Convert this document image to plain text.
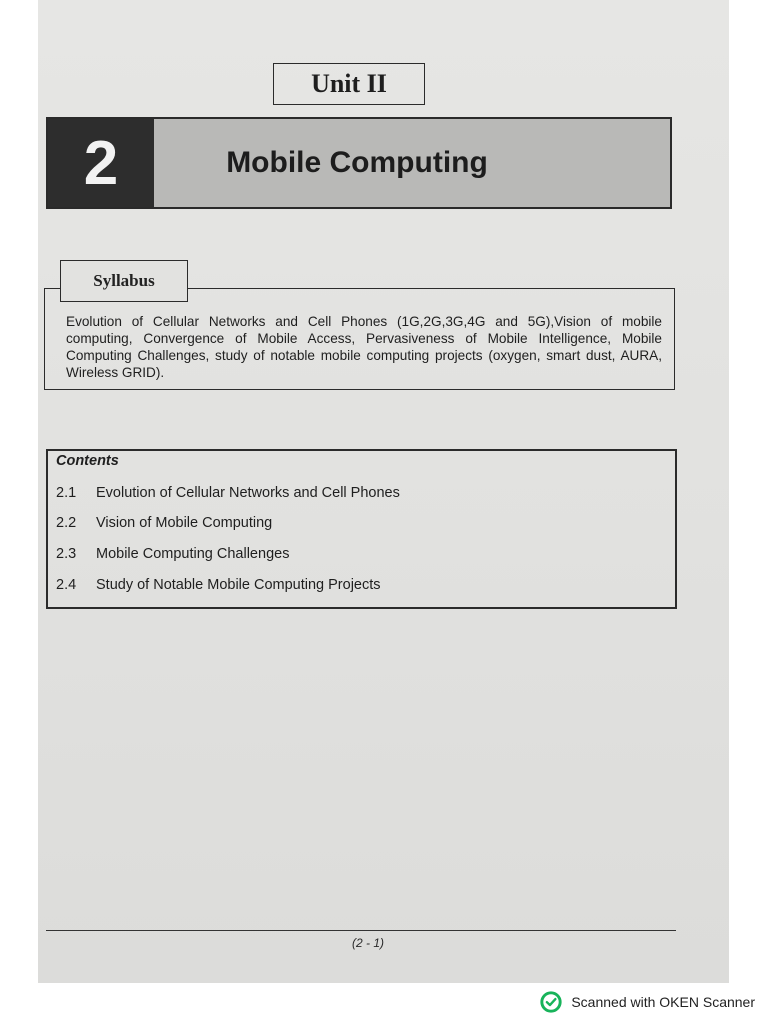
Unit II
2	Mobile Computing
Syllabus
Evolution of Cellular Networks and Cell Phones (1G,2G,3G,4G and 5G),Vision of mobile computing, Convergence of Mobile Access, Pervasiveness of Mobile Intelligence, Mobile Computing Challenges, study of notable mobile computing projects (oxygen, smart dust, AURA, Wireless GRID).
Contents
2.1	Evolution of Cellular Networks and Cell Phones
2.2	Vision of Mobile Computing
2.3	Mobile Computing Challenges
2.4	Study of Notable Mobile Computing Projects
(2 - 1)
Scanned with OKEN Scanner
